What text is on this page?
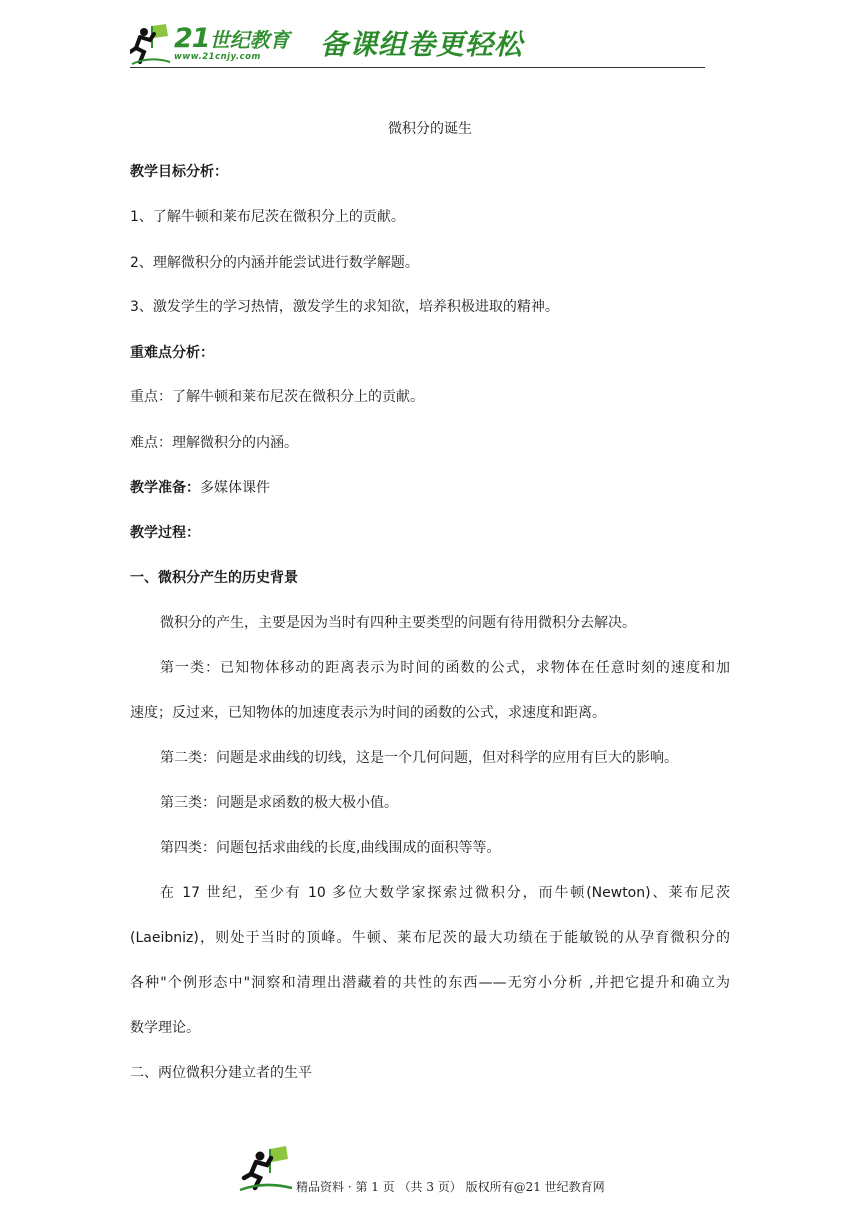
21世纪教育
www.21cnjy.com	备课组卷更轻松
微积分的诞生
教学目标分析：
1、了解牛顿和莱布尼茨在微积分上的贡献。
2、理解微积分的内涵并能尝试进行数学解题。
3、激发学生的学习热情，激发学生的求知欲，培养积极进取的精神。
重难点分析：
重点：了解牛顿和莱布尼茨在微积分上的贡献。
难点：理解微积分的内涵。
教学准备：多媒体课件
教学过程：
一、微积分产生的历史背景
微积分的产生，主要是因为当时有四种主要类型的问题有待用微积分去解决。
第一类：已知物体移动的距离表示为时间的函数的公式，求物体在任意时刻的速度和加
速度；反过来，已知物体的加速度表示为时间的函数的公式，求速度和距离。
第二类：问题是求曲线的切线，这是一个几何问题，但对科学的应用有巨大的影响。
第三类：问题是求函数的极大极小值。
第四类：问题包括求曲线的长度,曲线围成的面积等等。
在 17 世纪，至少有 10 多位大数学家探索过微积分，而牛顿(Newton)、莱布尼茨
(Laeibniz)，则处于当时的顶峰。牛顿、莱布尼茨的最大功绩在于能敏锐的从孕育微积分的
各种"个例形态中"洞察和清理出潜藏着的共性的东西——无穷小分析 ,并把它提升和确立为
数学理论。
二、两位微积分建立者的生平
精品资料 · 第 1 页 （共 3 页） 版权所有@21 世纪教育网
